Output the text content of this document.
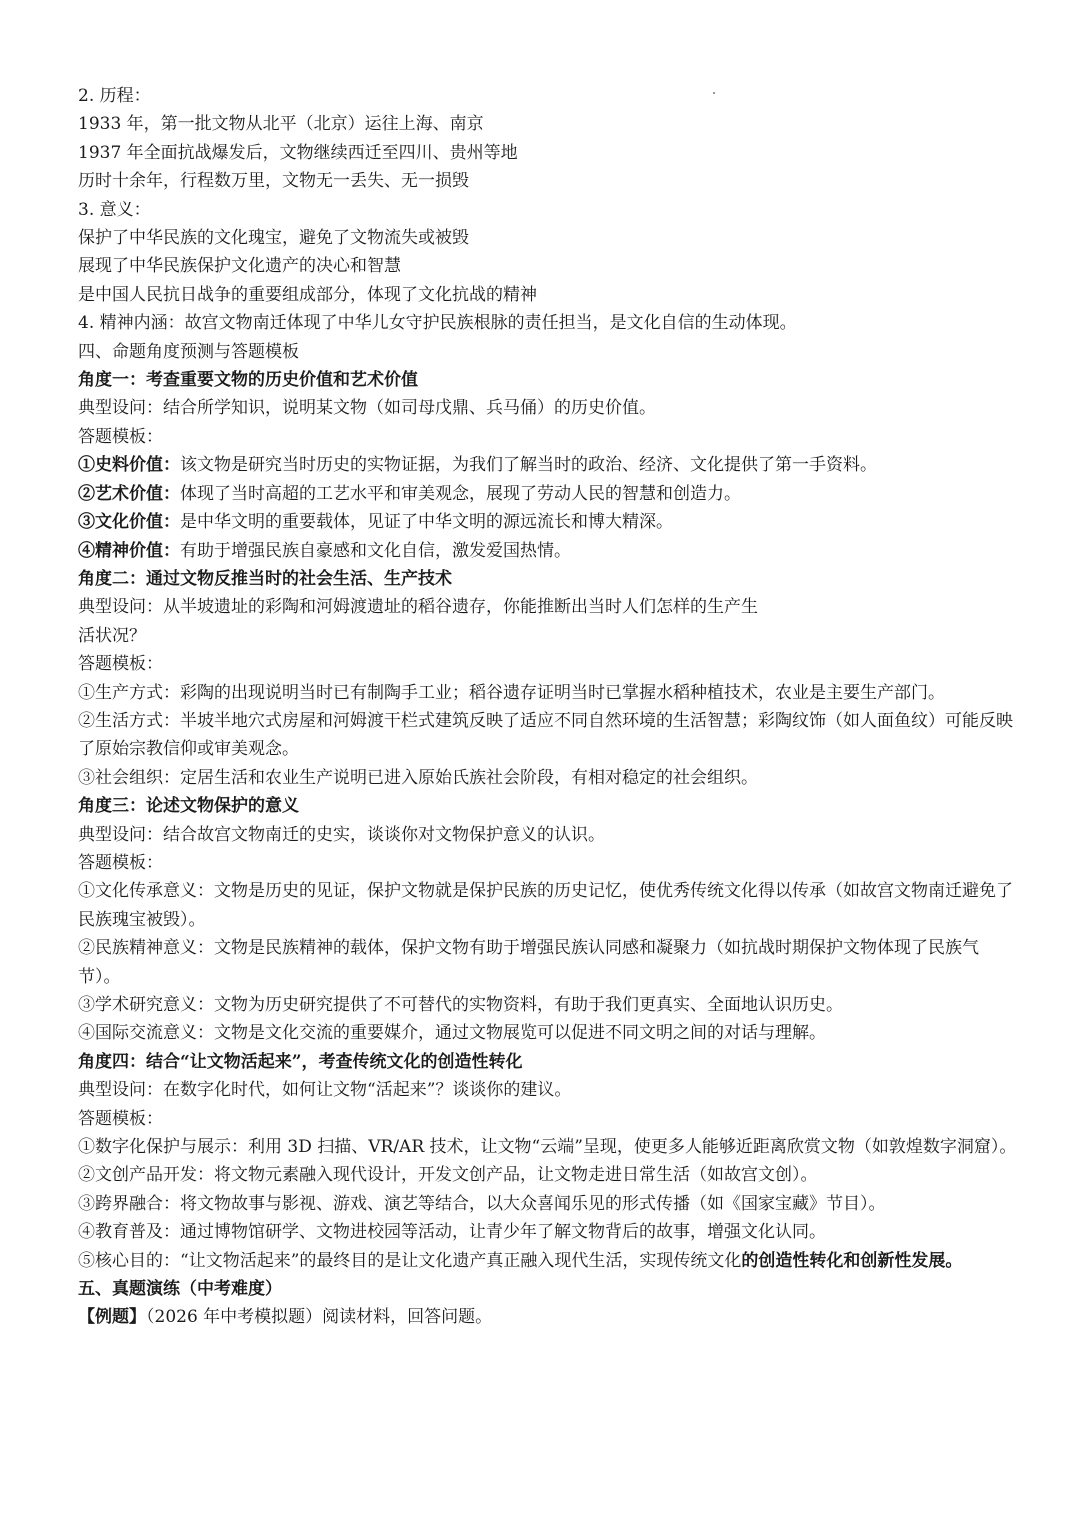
2. 历程：
1933 年，第一批文物从北平（北京）运往上海、南京
1937 年全面抗战爆发后，文物继续西迁至四川、贵州等地
历时十余年，行程数万里，文物无一丢失、无一损毁
3. 意义：
保护了中华民族的文化瑰宝，避免了文物流失或被毁
展现了中华民族保护文化遗产的决心和智慧
是中国人民抗日战争的重要组成部分，体现了文化抗战的精神
4. 精神内涵：故宫文物南迁体现了中华儿女守护民族根脉的责任担当，是文化自信的生动体现。
四、命题角度预测与答题模板
角度一：考查重要文物的历史价值和艺术价值
典型设问：结合所学知识，说明某文物（如司母戊鼎、兵马俑）的历史价值。
答题模板：
①史料价值：该文物是研究当时历史的实物证据，为我们了解当时的政治、经济、文化提供了第一手资料。
②艺术价值：体现了当时高超的工艺水平和审美观念，展现了劳动人民的智慧和创造力。
③文化价值：是中华文明的重要载体，见证了中华文明的源远流长和博大精深。
④精神价值：有助于增强民族自豪感和文化自信，激发爱国热情。
角度二：通过文物反推当时的社会生活、生产技术
典型设问：从半坡遗址的彩陶和河姆渡遗址的稻谷遗存，你能推断出当时人们怎样的生产生
活状况？
答题模板：
①生产方式：彩陶的出现说明当时已有制陶手工业；稻谷遗存证明当时已掌握水稻种植技术，农业是主要生产部门。
②生活方式：半坡半地穴式房屋和河姆渡干栏式建筑反映了适应不同自然环境的生活智慧；彩陶纹饰（如人面鱼纹）可能反映了原始宗教信仰或审美观念。
③社会组织：定居生活和农业生产说明已进入原始氏族社会阶段，有相对稳定的社会组织。
角度三：论述文物保护的意义
典型设问：结合故宫文物南迁的史实，谈谈你对文物保护意义的认识。
答题模板：
①文化传承意义：文物是历史的见证，保护文物就是保护民族的历史记忆，使优秀传统文化得以传承（如故宫文物南迁避免了民族瑰宝被毁）。
②民族精神意义：文物是民族精神的载体，保护文物有助于增强民族认同感和凝聚力（如抗战时期保护文物体现了民族气节）。
③学术研究意义：文物为历史研究提供了不可替代的实物资料，有助于我们更真实、全面地认识历史。
④国际交流意义：文物是文化交流的重要媒介，通过文物展览可以促进不同文明之间的对话与理解。
角度四：结合“让文物活起来”，考查传统文化的创造性转化
典型设问：在数字化时代，如何让文物“活起来”？谈谈你的建议。
答题模板：
①数字化保护与展示：利用 3D 扫描、VR/AR 技术，让文物“云端”呈现，使更多人能够近距离欣赏文物（如敦煌数字洞窟）。
②文创产品开发：将文物元素融入现代设计，开发文创产品，让文物走进日常生活（如故宫文创）。
③跨界融合：将文物故事与影视、游戏、演艺等结合，以大众喜闻乐见的形式传播（如《国家宝藏》节目）。
④教育普及：通过博物馆研学、文物进校园等活动，让青少年了解文物背后的故事，增强文化认同。
⑤核心目的：“让文物活起来”的最终目的是让文化遗产真正融入现代生活，实现传统文化的创造性转化和创新性发展。
五、真题演练（中考难度）
【例题】（2026 年中考模拟题）阅读材料，回答问题。
